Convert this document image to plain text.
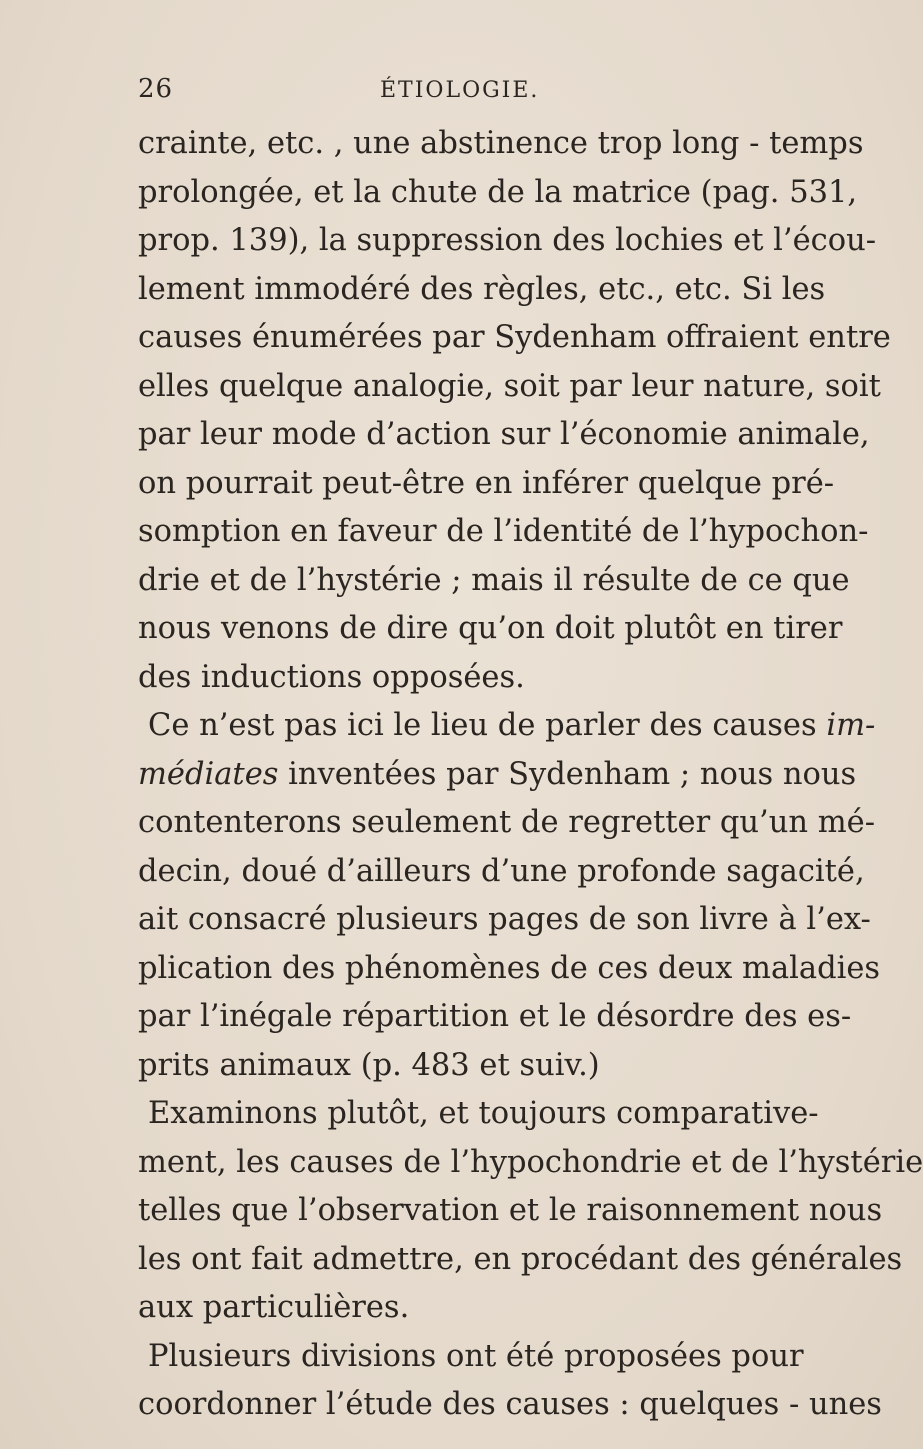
26	ÉTIOLOGIE.
crainte, etc. , une abstinence trop long - temps
prolongée, et la chute de la matrice (pag. 531,
prop. 139), la suppression des lochies et l’écou-
lement immodéré des règles, etc., etc. Si les
causes énumérées par Sydenham offraient entre
elles quelque analogie, soit par leur nature, soit
par leur mode d’action sur l’économie animale,
on pourrait peut-être en inférer quelque pré-
somption en faveur de l’identité de l’hypochon-
drie et de l’hystérie ; mais il résulte de ce que
nous venons de dire qu’on doit plutôt en tirer
des inductions opposées.
Ce n’est pas ici le lieu de parler des causes im-
médiates inventées par Sydenham ; nous nous
contenterons seulement de regretter qu’un mé-
decin, doué d’ailleurs d’une profonde sagacité,
ait consacré plusieurs pages de son livre à l’ex-
plication des phénomènes de ces deux maladies
par l’inégale répartition et le désordre des es-
prits animaux (p. 483 et suiv.)
Examinons plutôt, et toujours comparative-
ment, les causes de l’hypochondrie et de l’hystérie
telles que l’observation et le raisonnement nous
les ont fait admettre, en procédant des générales
aux particulières.
Plusieurs divisions ont été proposées pour
coordonner l’étude des causes : quelques - unes
